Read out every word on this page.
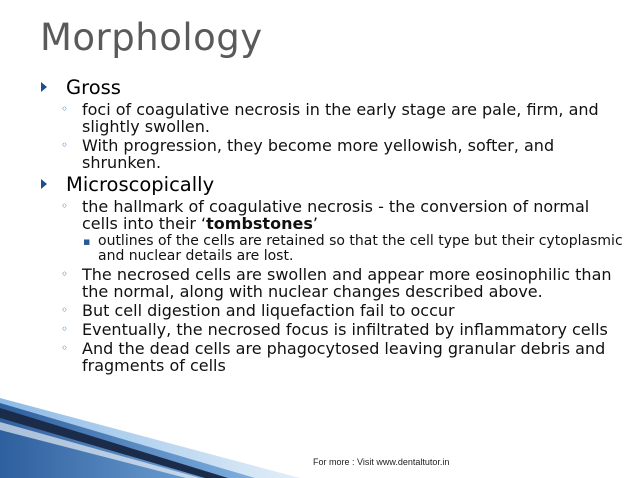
Morphology
Gross
◦ foci of coagulative necrosis in the early stage are pale, firm, and slightly swollen.
◦ With progression, they become more yellowish, softer, and shrunken.
Microscopically
◦ the hallmark of coagulative necrosis - the conversion of normal cells into their ‘tombstones’
▪ outlines of the cells are retained so that the cell type but their cytoplasmic and nuclear details are lost.
◦ The necrosed cells are swollen and appear more eosinophilic than the normal, along with nuclear changes described above.
◦ But cell digestion and liquefaction fail to occur
◦ Eventually, the necrosed focus is infiltrated by inflammatory cells
◦ And the dead cells are phagocytosed leaving granular debris and fragments of cells
For more : Visit www.dentaltutor.in
